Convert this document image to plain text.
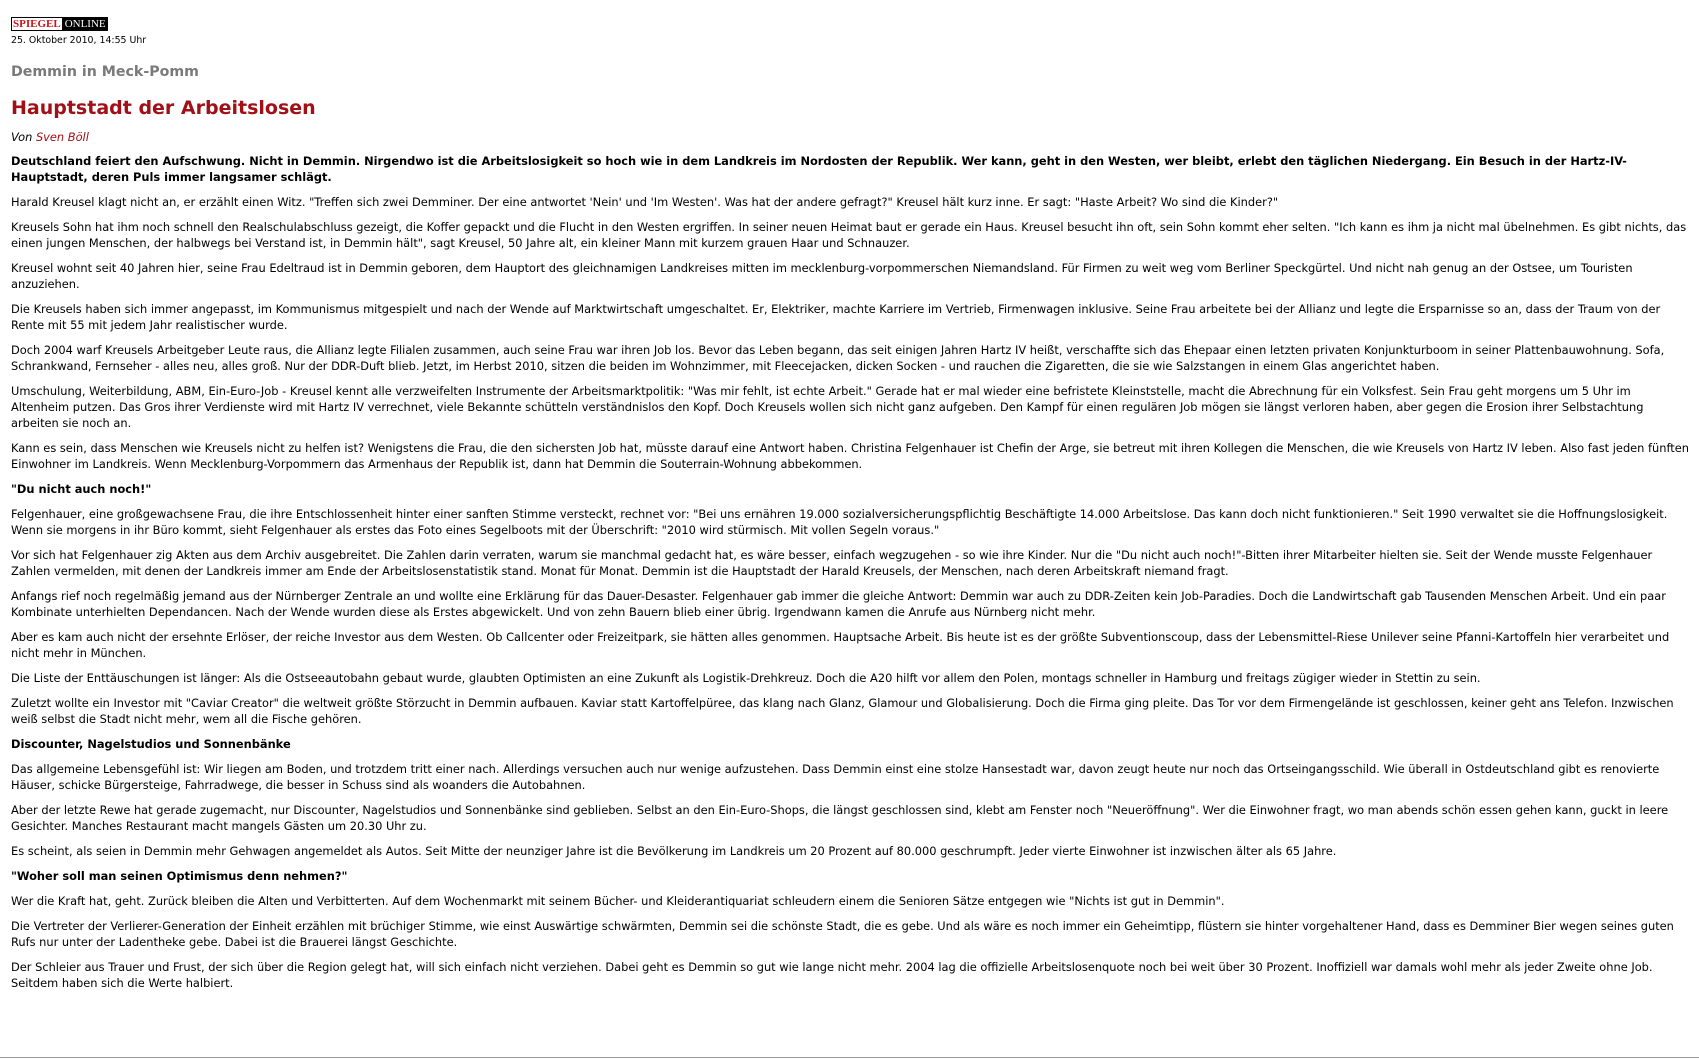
SPIEGEL ONLINE
25. Oktober 2010, 14:55 Uhr
Demmin in Meck-Pomm
Hauptstadt der Arbeitslosen
Von Sven Böll

Deutschland feiert den Aufschwung. Nicht in Demmin. Nirgendwo ist die Arbeitslosigkeit so hoch wie in dem Landkreis im Nordosten der Republik. Wer kann, geht in den Westen, wer bleibt, erlebt den täglichen Niedergang. Ein Besuch in der Hartz-IV-Hauptstadt, deren Puls immer langsamer schlägt.

Harald Kreusel klagt nicht an, er erzählt einen Witz. "Treffen sich zwei Demminer. Der eine antwortet 'Nein' und 'Im Westen'. Was hat der andere gefragt?" Kreusel hält kurz inne. Er sagt: "Haste Arbeit? Wo sind die Kinder?"

Kreusels Sohn hat ihm noch schnell den Realschulabschluss gezeigt, die Koffer gepackt und die Flucht in den Westen ergriffen. In seiner neuen Heimat baut er gerade ein Haus. Kreusel besucht ihn oft, sein Sohn kommt eher selten. "Ich kann es ihm ja nicht mal übelnehmen. Es gibt nichts, das einen jungen Menschen, der halbwegs bei Verstand ist, in Demmin hält", sagt Kreusel, 50 Jahre alt, ein kleiner Mann mit kurzem grauen Haar und Schnauzer.

Kreusel wohnt seit 40 Jahren hier, seine Frau Edeltraud ist in Demmin geboren, dem Hauptort des gleichnamigen Landkreises mitten im mecklenburg-vorpommerschen Niemandsland. Für Firmen zu weit weg vom Berliner Speckgürtel. Und nicht nah genug an der Ostsee, um Touristen anzuziehen.

Die Kreusels haben sich immer angepasst, im Kommunismus mitgespielt und nach der Wende auf Marktwirtschaft umgeschaltet. Er, Elektriker, machte Karriere im Vertrieb, Firmenwagen inklusive. Seine Frau arbeitete bei der Allianz und legte die Ersparnisse so an, dass der Traum von der Rente mit 55 mit jedem Jahr realistischer wurde.

Doch 2004 warf Kreusels Arbeitgeber Leute raus, die Allianz legte Filialen zusammen, auch seine Frau war ihren Job los. Bevor das Leben begann, das seit einigen Jahren Hartz IV heißt, verschaffte sich das Ehepaar einen letzten privaten Konjunkturboom in seiner Plattenbauwohnung. Sofa, Schrankwand, Fernseher - alles neu, alles groß. Nur der DDR-Duft blieb. Jetzt, im Herbst 2010, sitzen die beiden im Wohnzimmer, mit Fleecejacken, dicken Socken - und rauchen die Zigaretten, die sie wie Salzstangen in einem Glas angerichtet haben.

Umschulung, Weiterbildung, ABM, Ein-Euro-Job - Kreusel kennt alle verzweifelten Instrumente der Arbeitsmarktpolitik: "Was mir fehlt, ist echte Arbeit." Gerade hat er mal wieder eine befristete Kleinststelle, macht die Abrechnung für ein Volksfest. Sein Frau geht morgens um 5 Uhr im Altenheim putzen. Das Gros ihrer Verdienste wird mit Hartz IV verrechnet, viele Bekannte schütteln verständnislos den Kopf. Doch Kreusels wollen sich nicht ganz aufgeben. Den Kampf für einen regulären Job mögen sie längst verloren haben, aber gegen die Erosion ihrer Selbstachtung arbeiten sie noch an.

Kann es sein, dass Menschen wie Kreusels nicht zu helfen ist? Wenigstens die Frau, die den sichersten Job hat, müsste darauf eine Antwort haben. Christina Felgenhauer ist Chefin der Arge, sie betreut mit ihren Kollegen die Menschen, die wie Kreusels von Hartz IV leben. Also fast jeden fünften Einwohner im Landkreis. Wenn Mecklenburg-Vorpommern das Armenhaus der Republik ist, dann hat Demmin die Souterrain-Wohnung abbekommen.

"Du nicht auch noch!"

Felgenhauer, eine großgewachsene Frau, die ihre Entschlossenheit hinter einer sanften Stimme versteckt, rechnet vor: "Bei uns ernähren 19.000 sozialversicherungspflichtig Beschäftigte 14.000 Arbeitslose. Das kann doch nicht funktionieren." Seit 1990 verwaltet sie die Hoffnungslosigkeit. Wenn sie morgens in ihr Büro kommt, sieht Felgenhauer als erstes das Foto eines Segelboots mit der Überschrift: "2010 wird stürmisch. Mit vollen Segeln voraus."

Vor sich hat Felgenhauer zig Akten aus dem Archiv ausgebreitet. Die Zahlen darin verraten, warum sie manchmal gedacht hat, es wäre besser, einfach wegzugehen - so wie ihre Kinder. Nur die "Du nicht auch noch!"-Bitten ihrer Mitarbeiter hielten sie. Seit der Wende musste Felgenhauer Zahlen vermelden, mit denen der Landkreis immer am Ende der Arbeitslosenstatistik stand. Monat für Monat. Demmin ist die Hauptstadt der Harald Kreusels, der Menschen, nach deren Arbeitskraft niemand fragt.

Anfangs rief noch regelmäßig jemand aus der Nürnberger Zentrale an und wollte eine Erklärung für das Dauer-Desaster. Felgenhauer gab immer die gleiche Antwort: Demmin war auch zu DDR-Zeiten kein Job-Paradies. Doch die Landwirtschaft gab Tausenden Menschen Arbeit. Und ein paar Kombinate unterhielten Dependancen. Nach der Wende wurden diese als Erstes abgewickelt. Und von zehn Bauern blieb einer übrig. Irgendwann kamen die Anrufe aus Nürnberg nicht mehr.

Aber es kam auch nicht der ersehnte Erlöser, der reiche Investor aus dem Westen. Ob Callcenter oder Freizeitpark, sie hätten alles genommen. Hauptsache Arbeit. Bis heute ist es der größte Subventionscoup, dass der Lebensmittel-Riese Unilever seine Pfanni-Kartoffeln hier verarbeitet und nicht mehr in München.

Die Liste der Enttäuschungen ist länger: Als die Ostseeautobahn gebaut wurde, glaubten Optimisten an eine Zukunft als Logistik-Drehkreuz. Doch die A20 hilft vor allem den Polen, montags schneller in Hamburg und freitags zügiger wieder in Stettin zu sein.

Zuletzt wollte ein Investor mit "Caviar Creator" die weltweit größte Störzucht in Demmin aufbauen. Kaviar statt Kartoffelpüree, das klang nach Glanz, Glamour und Globalisierung. Doch die Firma ging pleite. Das Tor vor dem Firmengelände ist geschlossen, keiner geht ans Telefon. Inzwischen weiß selbst die Stadt nicht mehr, wem all die Fische gehören.

Discounter, Nagelstudios und Sonnenbänke

Das allgemeine Lebensgefühl ist: Wir liegen am Boden, und trotzdem tritt einer nach. Allerdings versuchen auch nur wenige aufzustehen. Dass Demmin einst eine stolze Hansestadt war, davon zeugt heute nur noch das Ortseingangsschild. Wie überall in Ostdeutschland gibt es renovierte Häuser, schicke Bürgersteige, Fahrradwege, die besser in Schuss sind als woanders die Autobahnen.

Aber der letzte Rewe hat gerade zugemacht, nur Discounter, Nagelstudios und Sonnenbänke sind geblieben. Selbst an den Ein-Euro-Shops, die längst geschlossen sind, klebt am Fenster noch "Neueröffnung". Wer die Einwohner fragt, wo man abends schön essen gehen kann, guckt in leere Gesichter. Manches Restaurant macht mangels Gästen um 20.30 Uhr zu.

Es scheint, als seien in Demmin mehr Gehwagen angemeldet als Autos. Seit Mitte der neunziger Jahre ist die Bevölkerung im Landkreis um 20 Prozent auf 80.000 geschrumpft. Jeder vierte Einwohner ist inzwischen älter als 65 Jahre.

"Woher soll man seinen Optimismus denn nehmen?"

Wer die Kraft hat, geht. Zurück bleiben die Alten und Verbitterten. Auf dem Wochenmarkt mit seinem Bücher- und Kleiderantiquariat schleudern einem die Senioren Sätze entgegen wie "Nichts ist gut in Demmin".

Die Vertreter der Verlierer-Generation der Einheit erzählen mit brüchiger Stimme, wie einst Auswärtige schwärmten, Demmin sei die schönste Stadt, die es gebe. Und als wäre es noch immer ein Geheimtipp, flüstern sie hinter vorgehaltener Hand, dass es Demminer Bier wegen seines guten Rufs nur unter der Ladentheke gebe. Dabei ist die Brauerei längst Geschichte.

Der Schleier aus Trauer und Frust, der sich über die Region gelegt hat, will sich einfach nicht verziehen. Dabei geht es Demmin so gut wie lange nicht mehr. 2004 lag die offizielle Arbeitslosenquote noch bei weit über 30 Prozent. Inoffiziell war damals wohl mehr als jeder Zweite ohne Job. Seitdem haben sich die Werte halbiert.
